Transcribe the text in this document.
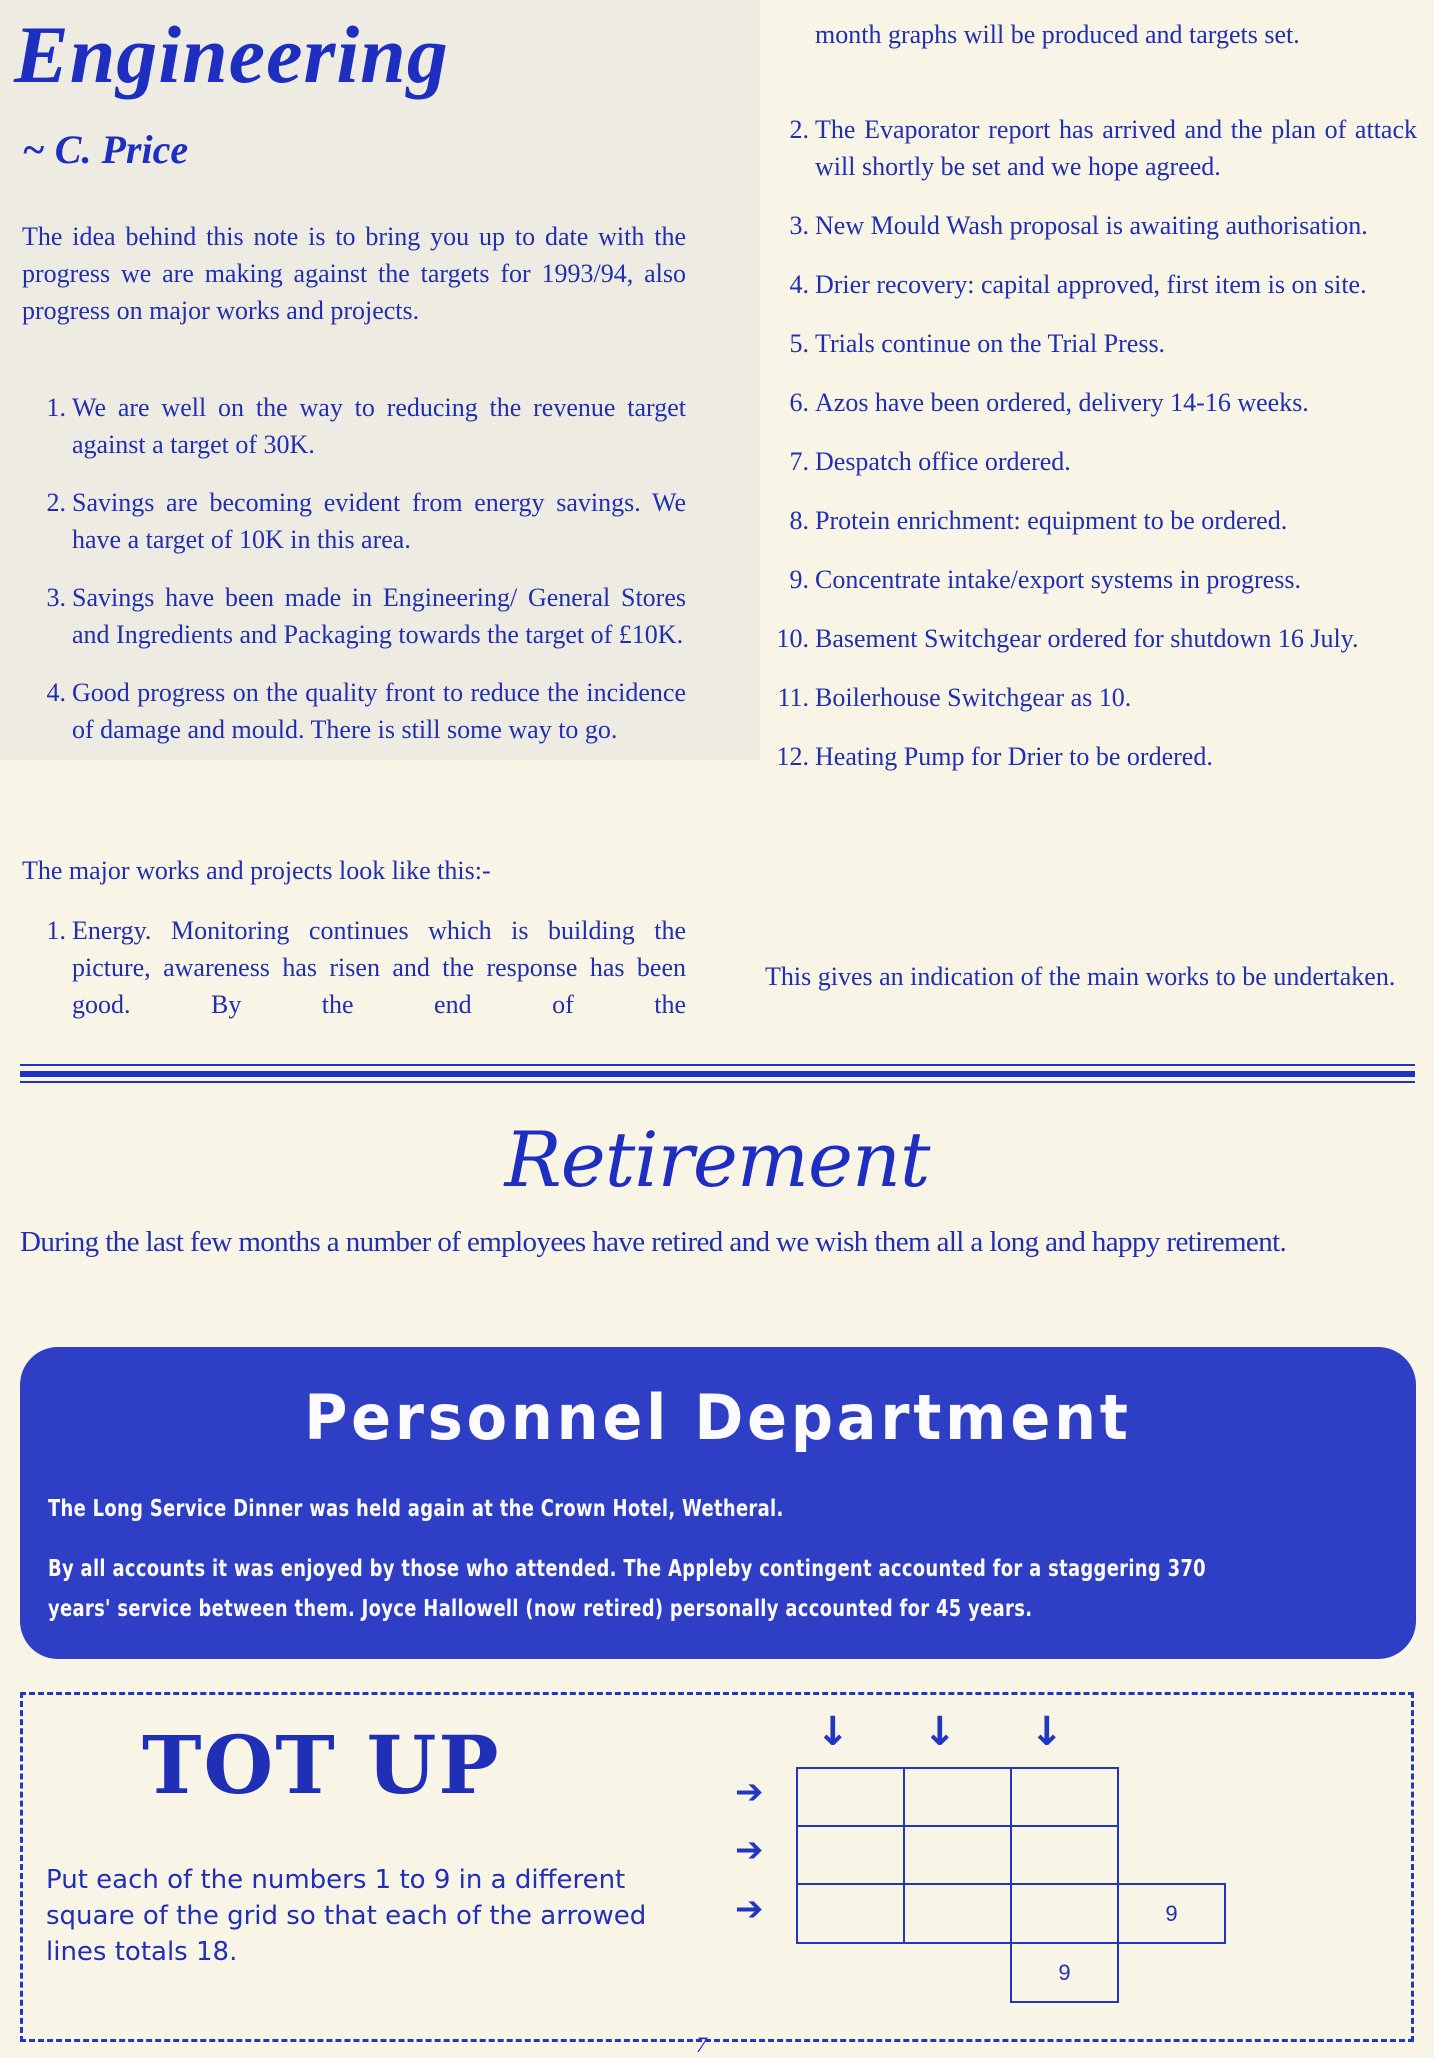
Engineering
~ C. Price

The idea behind this note is to bring you up to date with the progress we are making against the targets for 1993/94, also progress on major works and projects.

1. We are well on the way to reducing the revenue target against a target of 30K.
2. Savings are becoming evident from energy savings. We have a target of 10K in this area.
3. Savings have been made in Engineering/ General Stores and Ingredients and Packaging towards the target of £10K.
4. Good progress on the quality front to reduce the incidence of damage and mould. There is still some way to go.

The major works and projects look like this:-

1. Energy. Monitoring continues which is building the picture, awareness has risen and the response has been good. By the end of the

month graphs will be produced and targets set.

2. The Evaporator report has arrived and the plan of attack will shortly be set and we hope agreed.
3. New Mould Wash proposal is awaiting authorisation.
4. Drier recovery: capital approved, first item is on site.
5. Trials continue on the Trial Press.
6. Azos have been ordered, delivery 14-16 weeks.
7. Despatch office ordered.
8. Protein enrichment: equipment to be ordered.
9. Concentrate intake/export systems in progress.
10. Basement Switchgear ordered for shutdown 16 July.
11. Boilerhouse Switchgear as 10.
12. Heating Pump for Drier to be ordered.

This gives an indication of the main works to be undertaken.

Retirement

During the last few months a number of employees have retired and we wish them all a long and happy retirement.

Personnel Department
The Long Service Dinner was held again at the Crown Hotel, Wetheral.
By all accounts it was enjoyed by those who attended. The Appleby contingent accounted for a staggering 370
years' service between them. Joyce Hallowell (now retired) personally accounted for 45 years.
TOT UP

Put each of the numbers 1 to 9 in a different square of the grid so that each of the arrowed lines totals 18.

↓ ↓ ↓
➔
➔
➔	9
9
7
